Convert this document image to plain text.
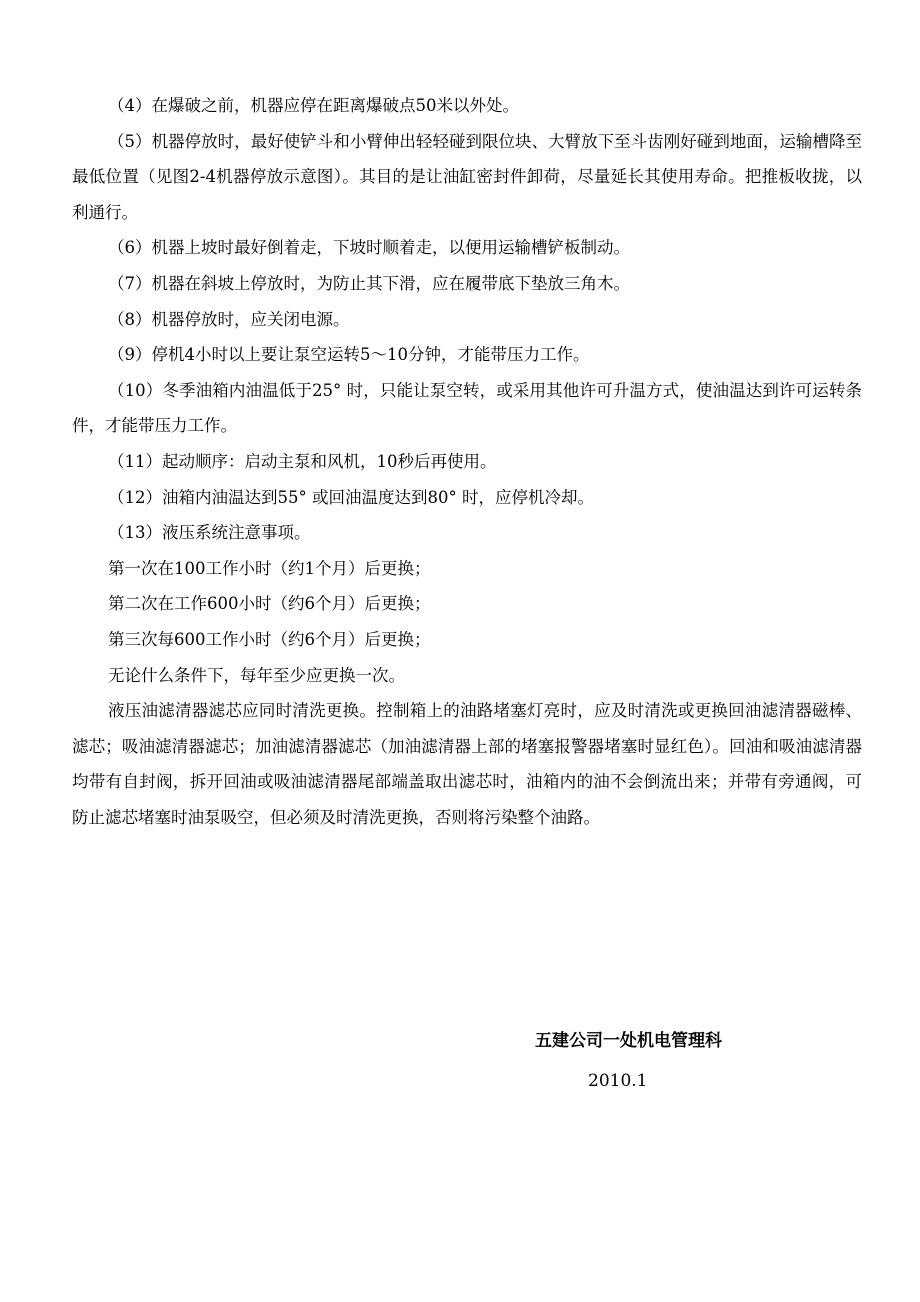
（4）在爆破之前，机器应停在距离爆破点50米以外处。

（5）机器停放时，最好使铲斗和小臂伸出轻轻碰到限位块、大臂放下至斗齿刚好碰到地面，运输槽降至最低位置（见图2-4机器停放示意图）。其目的是让油缸密封件卸荷，尽量延长其使用寿命。把推板收拢，以利通行。

（6）机器上坡时最好倒着走，下坡时顺着走，以便用运输槽铲板制动。

（7）机器在斜坡上停放时，为防止其下滑，应在履带底下垫放三角木。

（8）机器停放时，应关闭电源。

（9）停机4小时以上要让泵空运转5～10分钟，才能带压力工作。

（10）冬季油箱内油温低于25° 时，只能让泵空转，或采用其他许可升温方式，使油温达到许可运转条件，才能带压力工作。

（11）起动顺序：启动主泵和风机，10秒后再使用。

（12）油箱内油温达到55° 或回油温度达到80° 时，应停机冷却。

（13）液压系统注意事项。

第一次在100工作小时（约1个月）后更换；

第二次在工作600小时（约6个月）后更换；

第三次每600工作小时（约6个月）后更换；

无论什么条件下，每年至少应更换一次。

液压油滤清器滤芯应同时清洗更换。控制箱上的油路堵塞灯亮时，应及时清洗或更换回油滤清器磁棒、滤芯；吸油滤清器滤芯；加油滤清器滤芯（加油滤清器上部的堵塞报警器堵塞时显红色）。回油和吸油滤清器均带有自封阀，拆开回油或吸油滤清器尾部端盖取出滤芯时，油箱内的油不会倒流出来；并带有旁通阀，可防止滤芯堵塞时油泵吸空，但必须及时清洗更换，否则将污染整个油路。

五建公司一处机电管理科
2010.1
